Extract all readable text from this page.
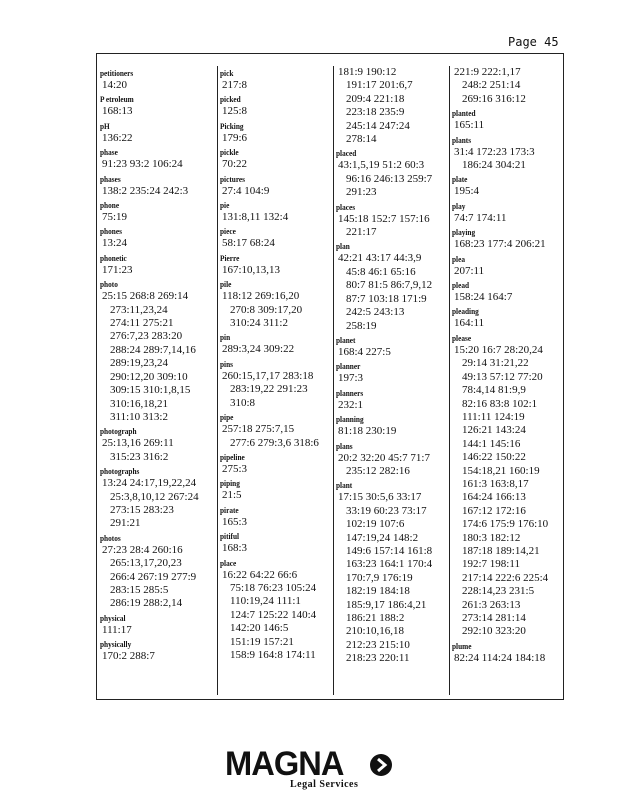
Page 45
petitioners
14:20
P etroleum
168:13
pH
136:22
phase
91:23 93:2 106:24
phases
138:2 235:24 242:3
phone
75:19
phones
13:24
phonetic
171:23
photo
25:15 268:8 269:14
273:11,23,24
274:11 275:21
276:7,23 283:20
288:24 289:7,14,16
289:19,23,24
290:12,20 309:10
309:15 310:1,8,15
310:16,18,21
311:10 313:2
photograph
25:13,16 269:11
315:23 316:2
photographs
13:24 24:17,19,22,24
25:3,8,10,12 267:24
273:15 283:23
291:21
photos
27:23 28:4 260:16
265:13,17,20,23
266:4 267:19 277:9
283:15 285:5
286:19 288:2,14
physical
111:17
physically
170:2 288:7
pick
217:8
picked
125:8
Picking
179:6
pickle
70:22
pictures
27:4 104:9
pie
131:8,11 132:4
piece
58:17 68:24
Pierre
167:10,13,13
pile
118:12 269:16,20
270:8 309:17,20
310:24 311:2
pin
289:3,24 309:22
pins
260:15,17,17 283:18
283:19,22 291:23
310:8
pipe
257:18 275:7,15
277:6 279:3,6 318:6
pipeline
275:3
piping
21:5
pirate
165:3
pitiful
168:3
place
16:22 64:22 66:6
75:18 76:23 105:24
110:19,24 111:1
124:7 125:22 140:4
142:20 146:5
151:19 157:21
158:9 164:8 174:11
181:9 190:12
191:17 201:6,7
209:4 221:18
223:18 235:9
245:14 247:24
278:14
placed
43:1,5,19 51:2 60:3
96:16 246:13 259:7
291:23
places
145:18 152:7 157:16
221:17
plan
42:21 43:17 44:3,9
45:8 46:1 65:16
80:7 81:5 86:7,9,12
87:7 103:18 171:9
242:5 243:13
258:19
planet
168:4 227:5
planner
197:3
planners
232:1
planning
81:18 230:19
plans
20:2 32:20 45:7 71:7
235:12 282:16
plant
17:15 30:5,6 33:17
33:19 60:23 73:17
102:19 107:6
147:19,24 148:2
149:6 157:14 161:8
163:23 164:1 170:4
170:7,9 176:19
182:19 184:18
185:9,17 186:4,21
186:21 188:2
210:10,16,18
212:23 215:10
218:23 220:11
221:9 222:1,17
248:2 251:14
269:16 316:12
planted
165:11
plants
31:4 172:23 173:3
186:24 304:21
plate
195:4
play
74:7 174:11
playing
168:23 177:4 206:21
plea
207:11
plead
158:24 164:7
pleading
164:11
please
15:20 16:7 28:20,24
29:14 31:21,22
49:13 57:12 77:20
78:4,14 81:9,9
82:16 83:8 102:1
111:11 124:19
126:21 143:24
144:1 145:16
146:22 150:22
154:18,21 160:19
161:3 163:8,17
164:24 166:13
167:12 172:16
174:6 175:9 176:10
180:3 182:12
187:18 189:14,21
192:7 198:11
217:14 222:6 225:4
228:14,23 231:5
261:3 263:13
273:14 281:14
292:10 323:20
plume
82:24 114:24 184:18
MAGNA
Legal Services
